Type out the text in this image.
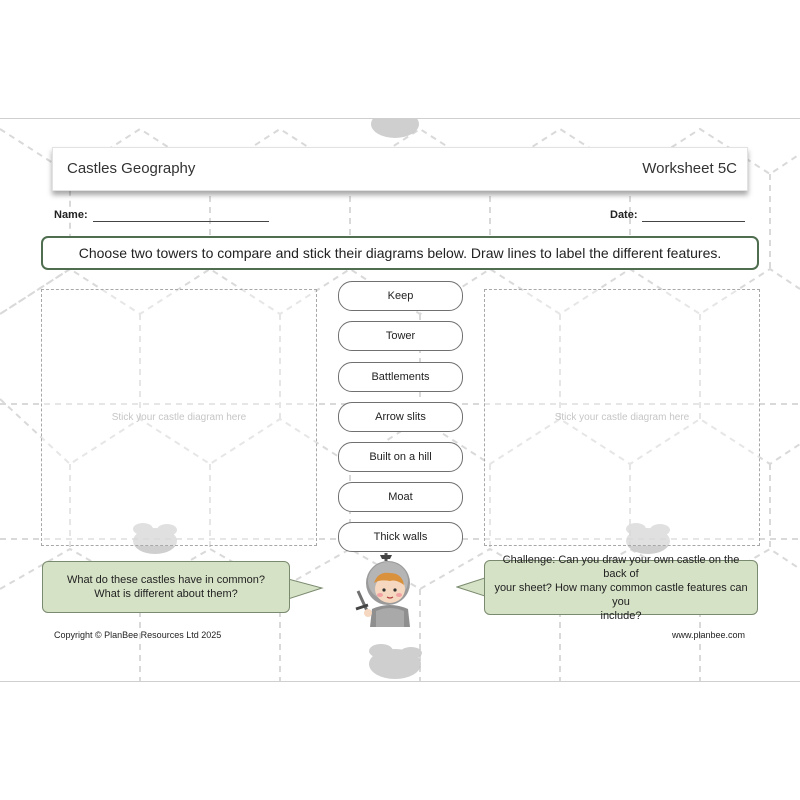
Castles Geography	Worksheet 5C
Name:	Date:
Choose two towers to compare and stick their diagrams below. Draw lines to label the different features.
Stick your castle diagram here	Stick your castle diagram here
Keep
Tower
Battlements
Arrow slits
Built on a hill
Moat
Thick walls
What do these castles have in common?
What is different about them?
Challenge: Can you draw your own castle on the back of
your sheet? How many common castle features can you
include?
Copyright © PlanBee Resources Ltd 2025	www.planbee.com
